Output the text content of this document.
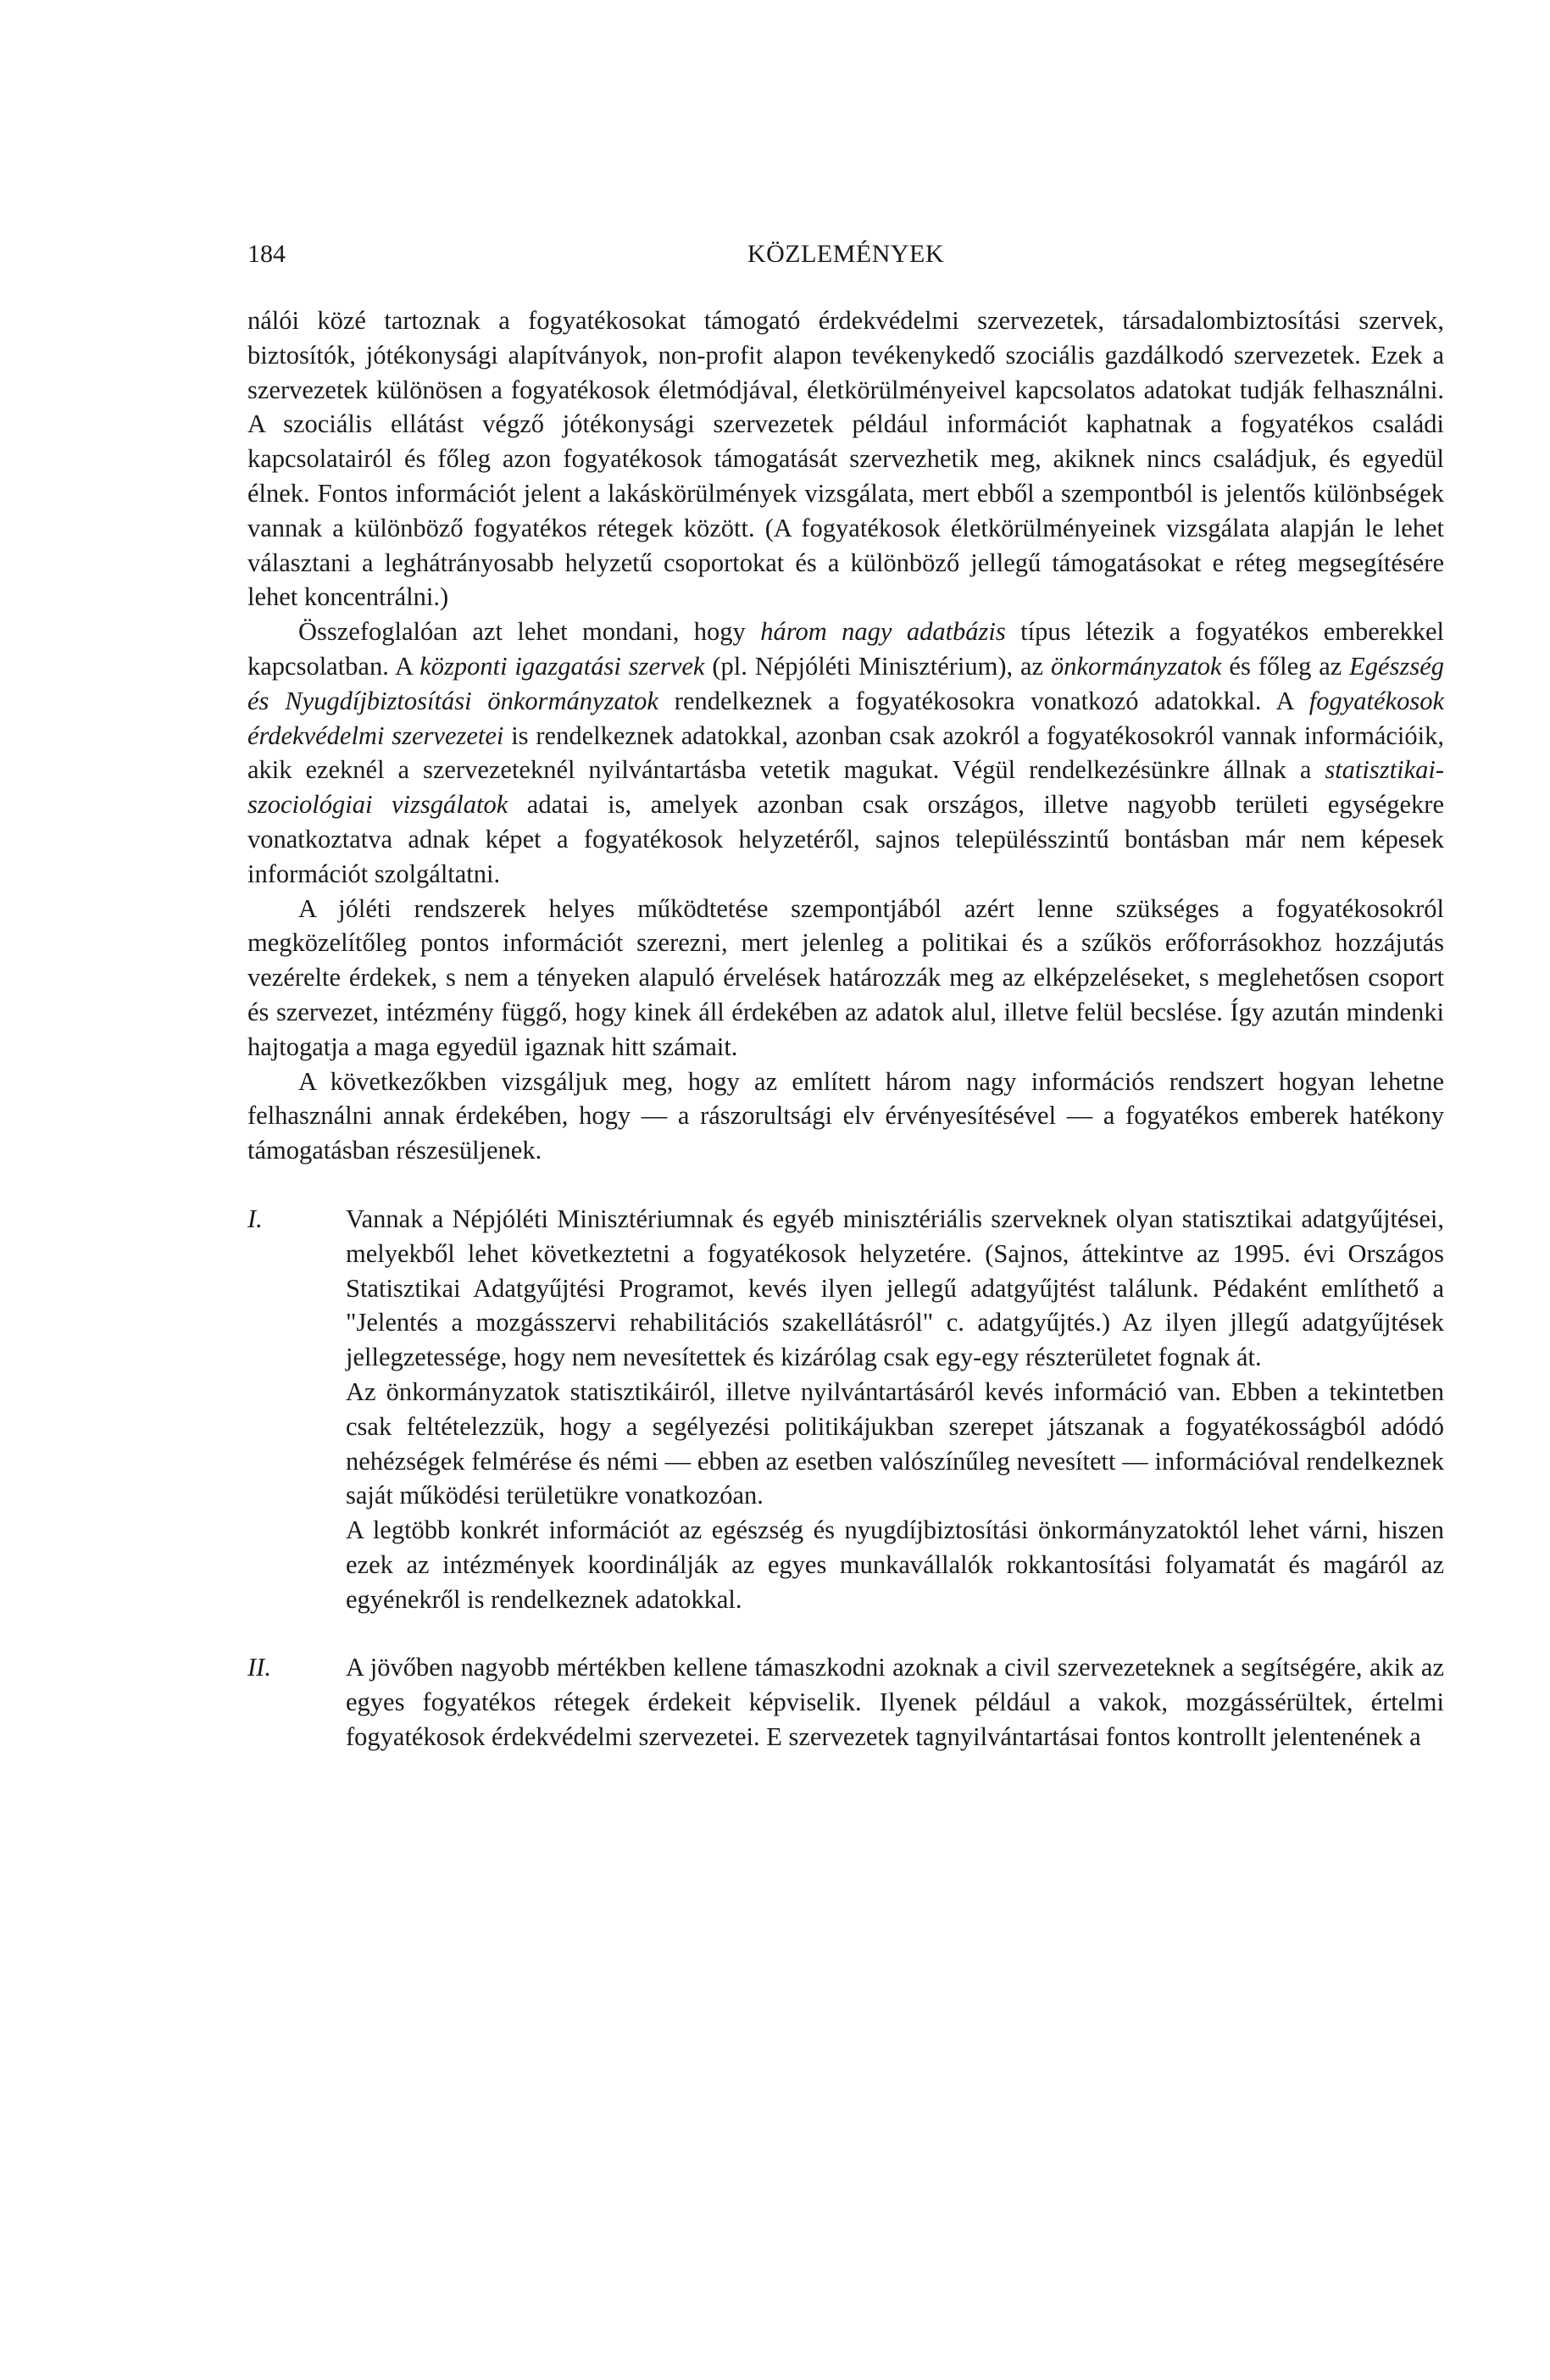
184	KÖZLEMÉNYEK

nálói közé tartoznak a fogyatékosokat támogató érdekvédelmi szervezetek, társadalombiztosítási szervek, biztosítók, jótékonysági alapítványok, non-profit alapon tevékenykedő szociális gazdálkodó szervezetek. Ezek a szervezetek különösen a fogyatékosok életmódjával, életkörülményeivel kapcsolatos adatokat tudják felhasználni. A szociális ellátást végző jótékonysági szervezetek például információt kaphatnak a fogyatékos családi kapcsolatairól és főleg azon fogyatékosok támogatását szervezhetik meg, akiknek nincs családjuk, és egyedül élnek. Fontos információt jelent a lakáskörülmények vizsgálata, mert ebből a szempontból is jelentős különbségek vannak a különböző fogyatékos rétegek között. (A fogyatékosok életkörülményeinek vizsgálata alapján le lehet választani a leghátrányosabb helyzetű csoportokat és a különböző jellegű támogatásokat e réteg megsegítésére lehet koncentrálni.)

Összefoglalóan azt lehet mondani, hogy három nagy adatbázis típus létezik a fogyatékos emberekkel kapcsolatban. A központi igazgatási szervek (pl. Népjóléti Minisztérium), az önkormányzatok és főleg az Egészség és Nyugdíjbiztosítási önkormányzatok rendelkeznek a fogyatékosokra vonatkozó adatokkal. A fogyatékosok érdekvédelmi szervezetei is rendelkeznek adatokkal, azonban csak azokról a fogyatékosokról vannak információik, akik ezeknél a szervezeteknél nyilvántartásba vetetik magukat. Végül rendelkezésünkre állnak a statisztikai-szociológiai vizsgálatok adatai is, amelyek azonban csak országos, illetve nagyobb területi egységekre vonatkoztatva adnak képet a fogyatékosok helyzetéről, sajnos településszintű bontásban már nem képesek információt szolgáltatni.

A jóléti rendszerek helyes működtetése szempontjából azért lenne szükséges a fogyatékosokról megközelítőleg pontos információt szerezni, mert jelenleg a politikai és a szűkös erőforrásokhoz hozzájutás vezérelte érdekek, s nem a tényeken alapuló érvelések határozzák meg az elképzeléseket, s meglehetősen csoport és szervezet, intézmény függő, hogy kinek áll érdekében az adatok alul, illetve felül becslése. Így azután mindenki hajtogatja a maga egyedül igaznak hitt számait.

A következőkben vizsgáljuk meg, hogy az említett három nagy információs rendszert hogyan lehetne felhasználni annak érdekében, hogy — a rászorultsági elv érvényesítésével — a fogyatékos emberek hatékony támogatásban részesüljenek.

I.	Vannak a Népjóléti Minisztériumnak és egyéb minisztériális szerveknek olyan statisztikai adatgyűjtései, melyekből lehet következtetni a fogyatékosok helyzetére. (Sajnos, áttekintve az 1995. évi Országos Statisztikai Adatgyűjtési Programot, kevés ilyen jellegű adatgyűjtést találunk. Pédaként említhető a "Jelentés a mozgásszervi rehabilitációs szakellátásról" c. adatgyűjtés.) Az ilyen jllegű adatgyűjtések jellegzetessége, hogy nem nevesítettek és kizárólag csak egy-egy részterületet fognak át.

Az önkormányzatok statisztikáiról, illetve nyilvántartásáról kevés információ van. Ebben a tekintetben csak feltételezzük, hogy a segélyezési politikájukban szerepet játszanak a fogyatékosságból adódó nehézségek felmérése és némi — ebben az esetben valószínűleg nevesített — információval rendelkeznek saját működési területükre vonatkozóan.

A legtöbb konkrét információt az egészség és nyugdíjbiztosítási önkormányzatoktól lehet várni, hiszen ezek az intézmények koordinálják az egyes munkavállalók rokkantosítási folyamatát és magáról az egyénekről is rendelkeznek adatokkal.

II.	A jövőben nagyobb mértékben kellene támaszkodni azoknak a civil szervezeteknek a segítségére, akik az egyes fogyatékos rétegek érdekeit képviselik. Ilyenek például a vakok, mozgássérültek, értelmi fogyatékosok érdekvédelmi szervezetei. E szervezetek tagnyilvántartásai fontos kontrollt jelentenének a
